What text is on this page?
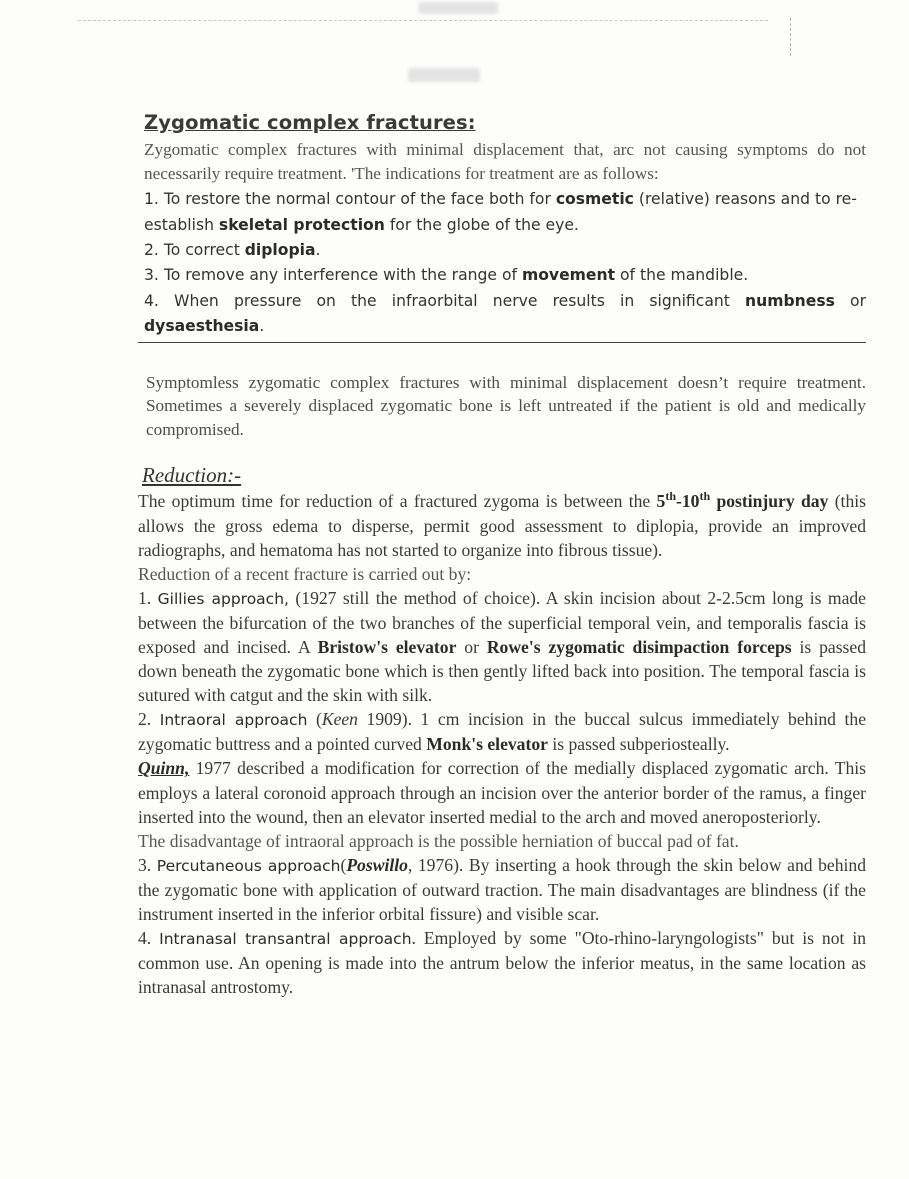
Zygomatic complex fractures:

Zygomatic complex fractures with minimal displacement that, arc not causing symptoms do not necessarily require treatment. 'The indications for treatment are as follows:

1. To restore the normal contour of the face both for cosmetic (relative) reasons and to re-establish skeletal protection for the globe of the eye.

2. To correct diplopia.

3. To remove any interference with the range of movement of the mandible.

4. When pressure on the infraorbital nerve results in significant numbness or dysaesthesia.

Symptomless zygomatic complex fractures with minimal displacement doesn’t require treatment. Sometimes a severely displaced zygomatic bone is left untreated if the patient is old and medically compromised.

Reduction:-

The optimum time for reduction of a fractured zygoma is between the 5th-10th postinjury day (this allows the gross edema to disperse, permit good assessment to diplopia, provide an improved radiographs, and hematoma has not started to organize into fibrous tissue).

Reduction of a recent fracture is carried out by:

1. Gillies approach, (1927 still the method of choice). A skin incision about 2-2.5cm long is made between the bifurcation of the two branches of the superficial temporal vein, and temporalis fascia is exposed and incised. A Bristow's elevator or Rowe's zygomatic disimpaction forceps is passed down beneath the zygomatic bone which is then gently lifted back into position. The temporal fascia is sutured with catgut and the skin with silk.

2. Intraoral approach (Keen 1909). 1 cm incision in the buccal sulcus immediately behind the zygomatic buttress and a pointed curved Monk's elevator is passed subperiosteally.

Quinn, 1977 described a modification for correction of the medially displaced zygomatic arch. This employs a lateral coronoid approach through an incision over the anterior border of the ramus, a finger inserted into the wound, then an elevator inserted medial to the arch and moved aneroposteriorly.

The disadvantage of intraoral approach is the possible herniation of buccal pad of fat.

3. Percutaneous approach(Poswillo, 1976). By inserting a hook through the skin below and behind the zygomatic bone with application of outward traction. The main disadvantages are blindness (if the instrument inserted in the inferior orbital fissure) and visible scar.

4. Intranasal transantral approach. Employed by some "Oto-rhino-laryngologists" but is not in common use. An opening is made into the antrum below the inferior meatus, in the same location as intranasal antrostomy.
